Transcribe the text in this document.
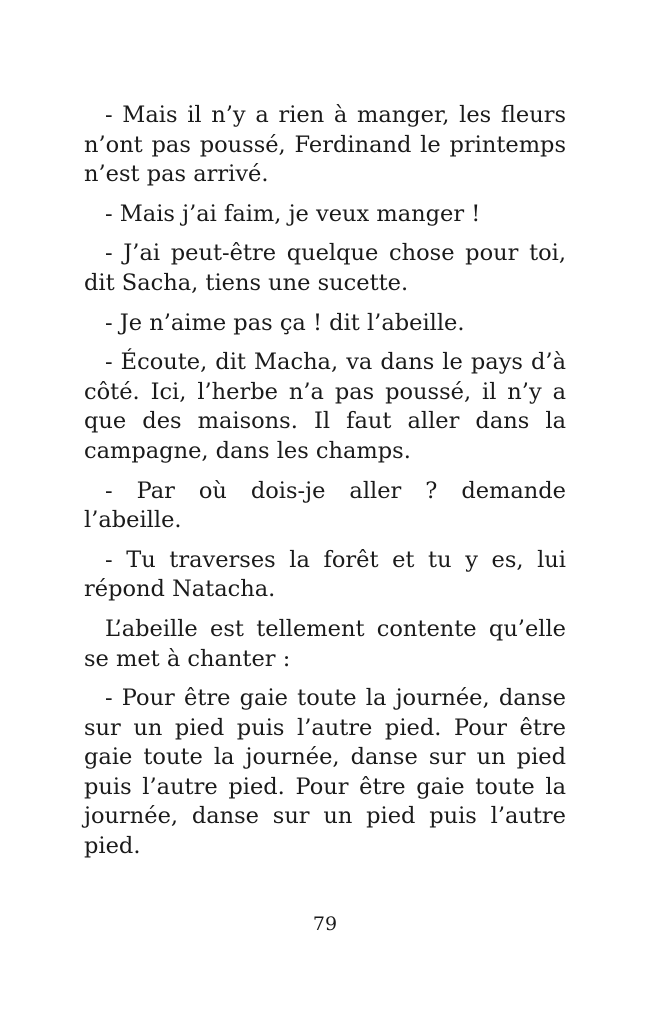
- Mais il n’y a rien à manger, les fleurs n’ont pas poussé, Ferdinand le printemps n’est pas arrivé.

- Mais j’ai faim, je veux manger !

- J’ai peut-être quelque chose pour toi, dit Sacha, tiens une sucette.

- Je n’aime pas ça ! dit l’abeille.

- Écoute, dit Macha, va dans le pays d’à côté. Ici, l’herbe n’a pas poussé, il n’y a que des maisons. Il faut aller dans la campagne, dans les champs.

- Par où dois-je aller ? demande l’abeille.

- Tu traverses la forêt et tu y es, lui répond Natacha.

L’abeille est tellement contente qu’elle se met à chanter :

- Pour être gaie toute la journée, danse sur un pied puis l’autre pied. Pour être gaie toute la journée, danse sur un pied puis l’autre pied. Pour être gaie toute la journée, danse sur un pied puis l’autre pied.

79
